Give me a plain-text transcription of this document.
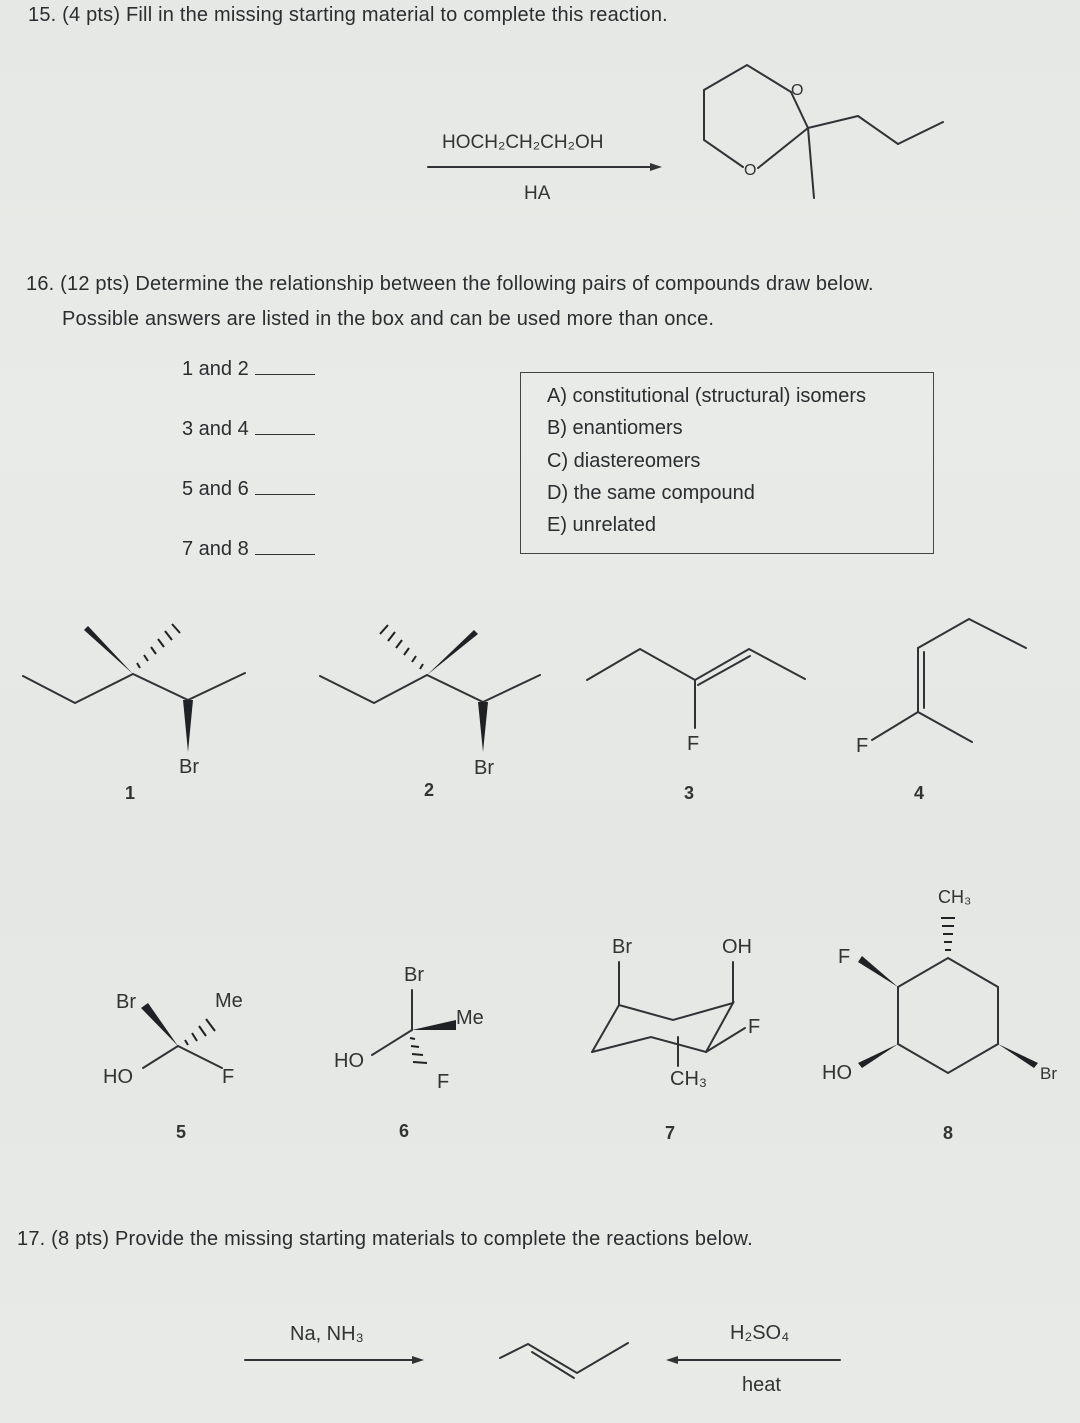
15. (4 pts) Fill in the missing starting material to complete this reaction.
HOCH₂CH₂CH₂OH
HA
O
O
16. (12 pts) Determine the relationship between the following pairs of compounds draw below.
Possible answers are listed in the box and can be used more than once.
1 and 2
3 and 4
5 and 6
7 and 8
A) constitutional (structural) isomers
B) enantiomers
C) diastereomers
D) the same compound
E) unrelated
Br
1
Br
2
F
3
F
4
Br	Me
HO	F
5
Br
Me
HO
F
6
Br	OH
F
CH₃
7
CH₃
F
HO	Br
8
17. (8 pts) Provide the missing starting materials to complete the reactions below.
Na, NH₃	H₂SO₄
heat
